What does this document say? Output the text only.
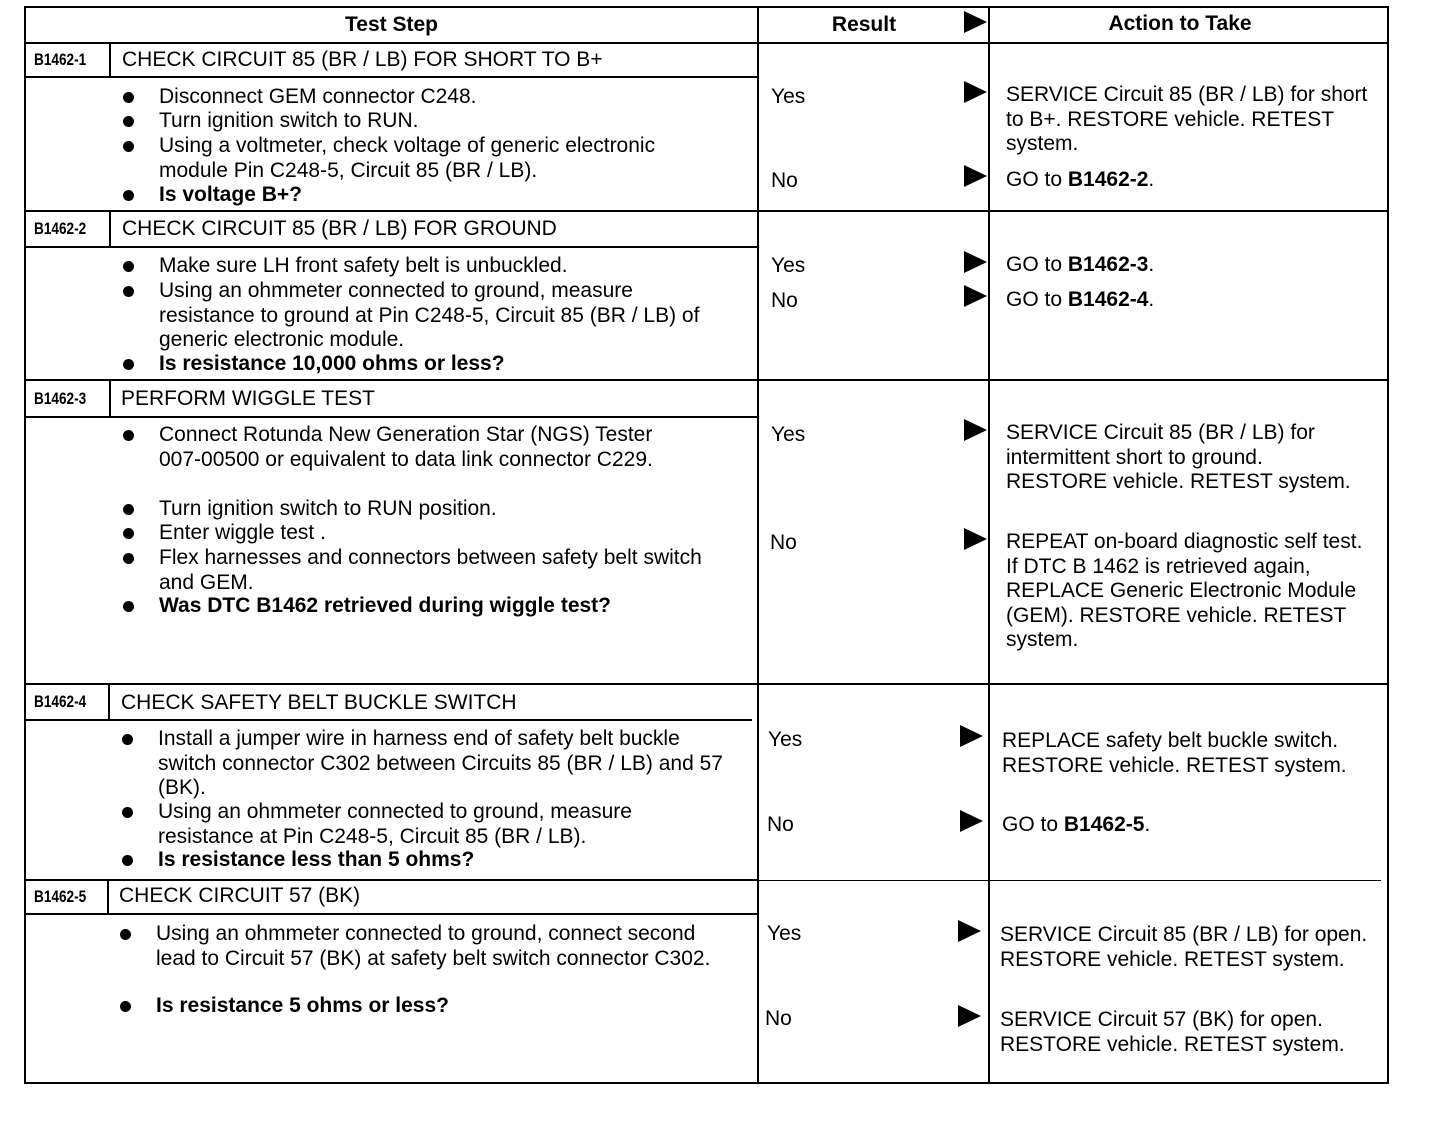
Test Step	Result	Action to Take
B1462-1 CHECK CIRCUIT 85 (BR / LB) FOR SHORT TO B+
Disconnect GEM connector C248.
Turn ignition switch to RUN.
Using a voltmeter, check voltage of generic electronic module Pin C248-5, Circuit 85 (BR / LB).
Is voltage B+?
Yes
No
SERVICE Circuit 85 (BR / LB) for short to B+. RESTORE vehicle. RETEST system.
GO to B1462-2.
B1462-2 CHECK CIRCUIT 85 (BR / LB) FOR GROUND
Make sure LH front safety belt is unbuckled.
Using an ohmmeter connected to ground, measure resistance to ground at Pin C248-5, Circuit 85 (BR / LB) of generic electronic module.
Is resistance 10,000 ohms or less?
Yes
No
GO to B1462-3.
GO to B1462-4.
B1462-3 PERFORM WIGGLE TEST
Connect Rotunda New Generation Star (NGS) Tester 007-00500 or equivalent to data link connector C229.
Turn ignition switch to RUN position.
Enter wiggle test .
Flex harnesses and connectors between safety belt switch and GEM.
Was DTC B1462 retrieved during wiggle test?
Yes
No
SERVICE Circuit 85 (BR / LB) for intermittent short to ground. RESTORE vehicle. RETEST system.
REPEAT on-board diagnostic self test. If DTC B 1462 is retrieved again, REPLACE Generic Electronic Module (GEM). RESTORE vehicle. RETEST system.
B1462-4 CHECK SAFETY BELT BUCKLE SWITCH
Install a jumper wire in harness end of safety belt buckle switch connector C302 between Circuits 85 (BR / LB) and 57 (BK).
Using an ohmmeter connected to ground, measure resistance at Pin C248-5, Circuit 85 (BR / LB).
Is resistance less than 5 ohms?
Yes
No
REPLACE safety belt buckle switch. RESTORE vehicle. RETEST system.
GO to B1462-5.
B1462-5 CHECK CIRCUIT 57 (BK)
Using an ohmmeter connected to ground, connect second lead to Circuit 57 (BK) at safety belt switch connector C302.
Is resistance 5 ohms or less?
Yes
No
SERVICE Circuit 85 (BR / LB) for open. RESTORE vehicle. RETEST system.
SERVICE Circuit 57 (BK) for open. RESTORE vehicle. RETEST system.
